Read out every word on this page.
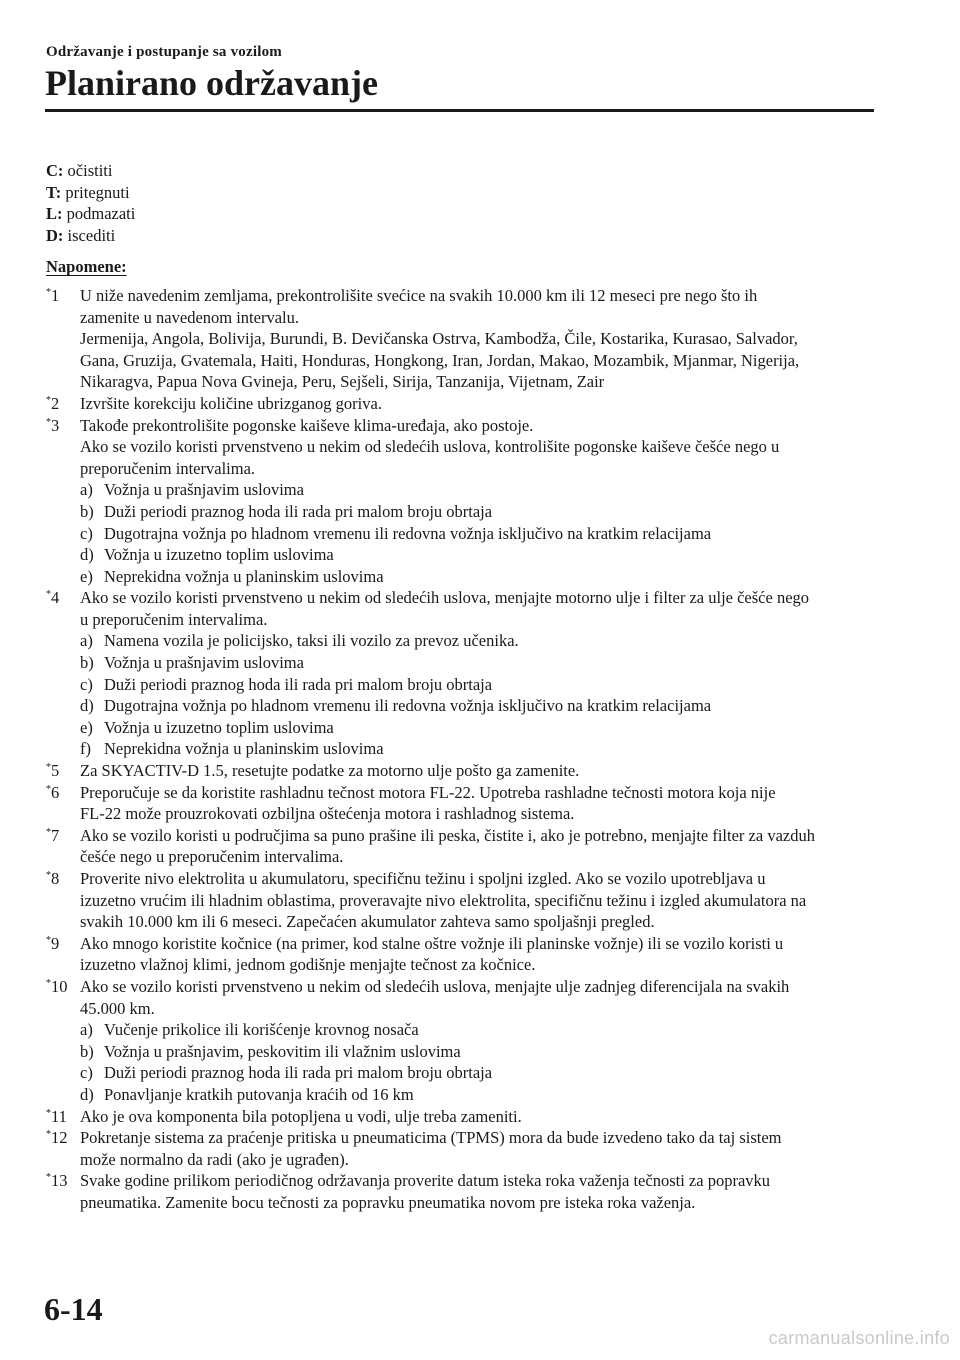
Održavanje i postupanje sa vozilom
Planirano održavanje
C: očistiti
T: pritegnuti
L: podmazati
D: iscediti
Napomene:
*1 U niže navedenim zemljama, prekontrolišite svećice na svakih 10.000 km ili 12 meseci pre nego što ih
zamenite u navedenom intervalu.
Jermenija, Angola, Bolivija, Burundi, B. Devičanska Ostrva, Kambodža, Čile, Kostarika, Kurasao, Salvador,
Gana, Gruzija, Gvatemala, Haiti, Honduras, Hongkong, Iran, Jordan, Makao, Mozambik, Mjanmar, Nigerija,
Nikaragva, Papua Nova Gvineja, Peru, Sejšeli, Sirija, Tanzanija, Vijetnam, Zair
*2 Izvršite korekciju količine ubrizganog goriva.
*3 Takođe prekontrolišite pogonske kaiševe klima-uređaja, ako postoje.
Ako se vozilo koristi prvenstveno u nekim od sledećih uslova, kontrolišite pogonske kaiševe češće nego u
preporučenim intervalima.
a) Vožnja u prašnjavim uslovima
b) Duži periodi praznog hoda ili rada pri malom broju obrtaja
c) Dugotrajna vožnja po hladnom vremenu ili redovna vožnja isključivo na kratkim relacijama
d) Vožnja u izuzetno toplim uslovima
e) Neprekidna vožnja u planinskim uslovima
*4 Ako se vozilo koristi prvenstveno u nekim od sledećih uslova, menjajte motorno ulje i filter za ulje češće nego
u preporučenim intervalima.
a) Namena vozila je policijsko, taksi ili vozilo za prevoz učenika.
b) Vožnja u prašnjavim uslovima
c) Duži periodi praznog hoda ili rada pri malom broju obrtaja
d) Dugotrajna vožnja po hladnom vremenu ili redovna vožnja isključivo na kratkim relacijama
e) Vožnja u izuzetno toplim uslovima
f) Neprekidna vožnja u planinskim uslovima
*5 Za SKYACTIV-D 1.5, resetujte podatke za motorno ulje pošto ga zamenite.
*6 Preporučuje se da koristite rashladnu tečnost motora FL-22. Upotreba rashladne tečnosti motora koja nije
FL-22 može prouzrokovati ozbiljna oštećenja motora i rashladnog sistema.
*7 Ako se vozilo koristi u područjima sa puno prašine ili peska, čistite i, ako je potrebno, menjajte filter za vazduh
češće nego u preporučenim intervalima.
*8 Proverite nivo elektrolita u akumulatoru, specifičnu težinu i spoljni izgled. Ako se vozilo upotrebljava u
izuzetno vrućim ili hladnim oblastima, proveravajte nivo elektrolita, specifičnu težinu i izgled akumulatora na
svakih 10.000 km ili 6 meseci. Zapečaćen akumulator zahteva samo spoljašnji pregled.
*9 Ako mnogo koristite kočnice (na primer, kod stalne oštre vožnje ili planinske vožnje) ili se vozilo koristi u
izuzetno vlažnoj klimi, jednom godišnje menjajte tečnost za kočnice.
*10 Ako se vozilo koristi prvenstveno u nekim od sledećih uslova, menjajte ulje zadnjeg diferencijala na svakih
45.000 km.
a) Vučenje prikolice ili korišćenje krovnog nosača
b) Vožnja u prašnjavim, peskovitim ili vlažnim uslovima
c) Duži periodi praznog hoda ili rada pri malom broju obrtaja
d) Ponavljanje kratkih putovanja kraćih od 16 km
*11 Ako je ova komponenta bila potopljena u vodi, ulje treba zameniti.
*12 Pokretanje sistema za praćenje pritiska u pneumaticima (TPMS) mora da bude izvedeno tako da taj sistem
može normalno da radi (ako je ugrađen).
*13 Svake godine prilikom periodičnog održavanja proverite datum isteka roka važenja tečnosti za popravku
pneumatika. Zamenite bocu tečnosti za popravku pneumatika novom pre isteka roka važenja.
6-14
carmanualsonline.info
